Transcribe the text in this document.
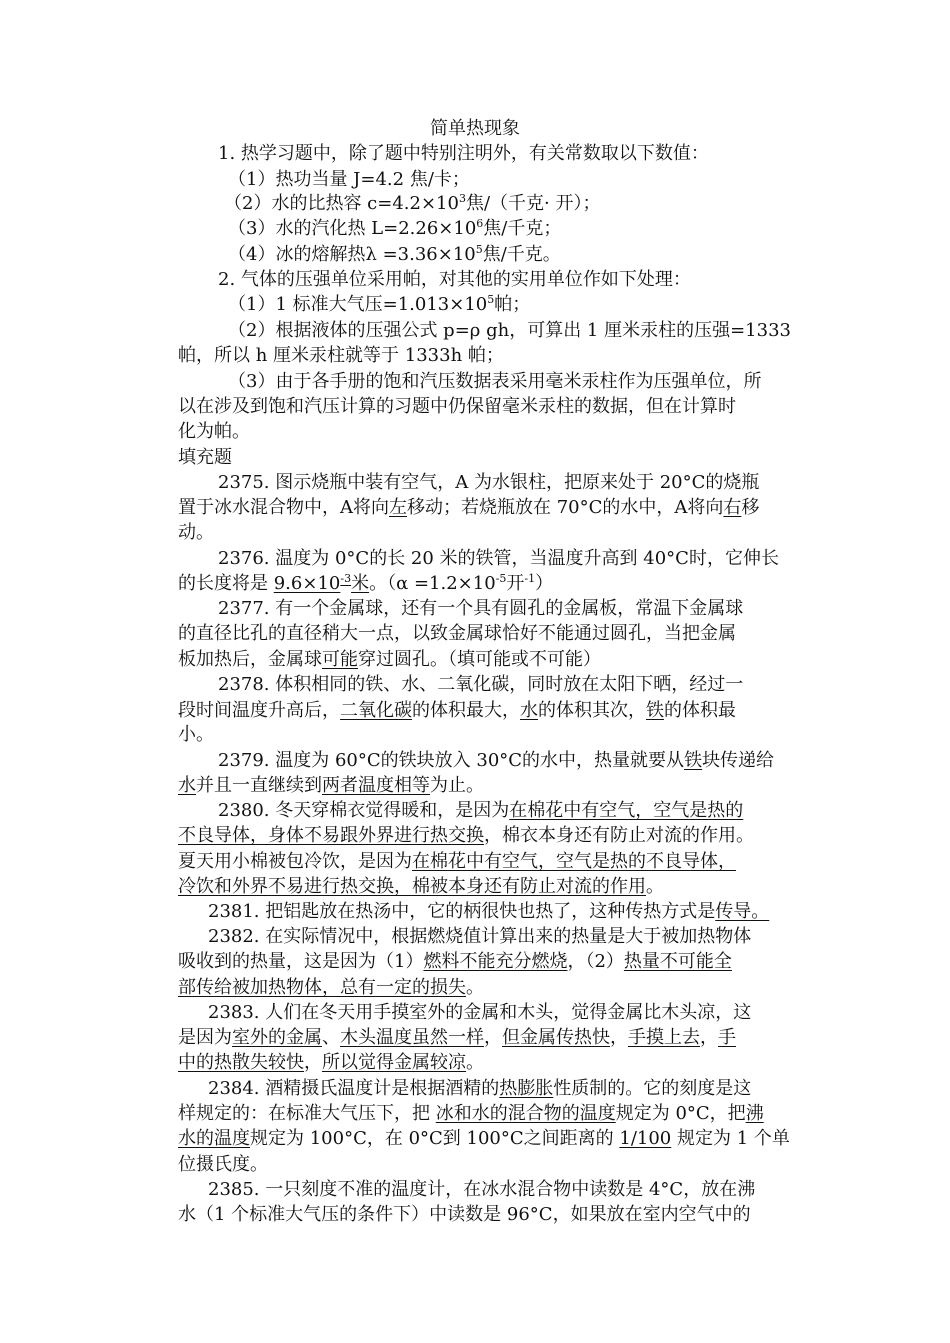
简单热现象
1. 热学习题中，除了题中特别注明外，有关常数取以下数值：
（1）热功当量 J=4.2 焦/卡；
（2）水的比热容 $c=4.2\times 10^3$焦/（千克· 开）；
（3）水的汽化热 $L=2.26\times 10^6$焦/千克；
（4）冰的熔解热$\lambda =3.36\times 10^5$焦/千克。
2. 气体的压强单位采用帕，对其他的实用单位作如下处理：
（1）1 标准大气压$=1.013\times 10^5$帕；
（2）根据液体的压强公式 p=ρ gh，可算出 1 厘米汞柱的压强=1333
帕，所以 h 厘米汞柱就等于 1333h 帕；
（3）由于各手册的饱和汽压数据表采用毫米汞柱作为压强单位，所
以在涉及到饱和汽压计算的习题中仍保留毫米汞柱的数据，但在计算时
化为帕。
填充题
2375. 图示烧瓶中装有空气，A 为水银柱，把原来处于 20°C的烧瓶
置于冰水混合物中，A将向左移动；若烧瓶放在 70°C的水中，A将向右移
动。
2376. 温度为 0°C的长 20 米的铁管，当温度升高到 40°C时，它伸长
的长度将是 $9.6\times 10^{-3}$米。（$\alpha =1.2\times 10^{-5}$开$^{-1}$）
2377. 有一个金属球，还有一个具有圆孔的金属板，常温下金属球
的直径比孔的直径稍大一点，以致金属球恰好不能通过圆孔，当把金属
板加热后，金属球可能穿过圆孔。（填可能或不可能）
2378. 体积相同的铁、水、二氧化碳，同时放在太阳下晒，经过一
段时间温度升高后，二氧化碳的体积最大，水的体积其次，铁的体积最
小。
2379. 温度为 60°C的铁块放入 30°C的水中，热量就要从铁块传递给
水并且一直继续到两者温度相等为止。
2380. 冬天穿棉衣觉得暖和，是因为在棉花中有空气，空气是热的
不良导体，身体不易跟外界进行热交换，棉衣本身还有防止对流的作用。
夏天用小棉被包冷饮，是因为在棉花中有空气，空气是热的不良导体，
冷饮和外界不易进行热交换，棉被本身还有防止对流的作用。
2381. 把铝匙放在热汤中，它的柄很快也热了，这种传热方式是传导。
2382. 在实际情况中，根据燃烧值计算出来的热量是大于被加热物体
吸收到的热量，这是因为（1）燃料不能充分燃烧，（2）热量不可能全
部传给被加热物体，总有一定的损失。
2383. 人们在冬天用手摸室外的金属和木头，觉得金属比木头凉，这
是因为室外的金属、木头温度虽然一样，但金属传热快，手摸上去，手
中的热散失较快，所以觉得金属较凉。
2384. 酒精摄氏温度计是根据酒精的热膨胀性质制的。它的刻度是这
样规定的：在标准大气压下，把 冰和水的混合物的温度规定为 0°C，把沸
水的温度规定为 100°C，在 0°C到 100°C之间距离的 1/100 规定为 1 个单
位摄氏度。
2385. 一只刻度不准的温度计，在冰水混合物中读数是 4°C，放在沸
水（1 个标准大气压的条件下）中读数是 96°C，如果放在室内空气中的
